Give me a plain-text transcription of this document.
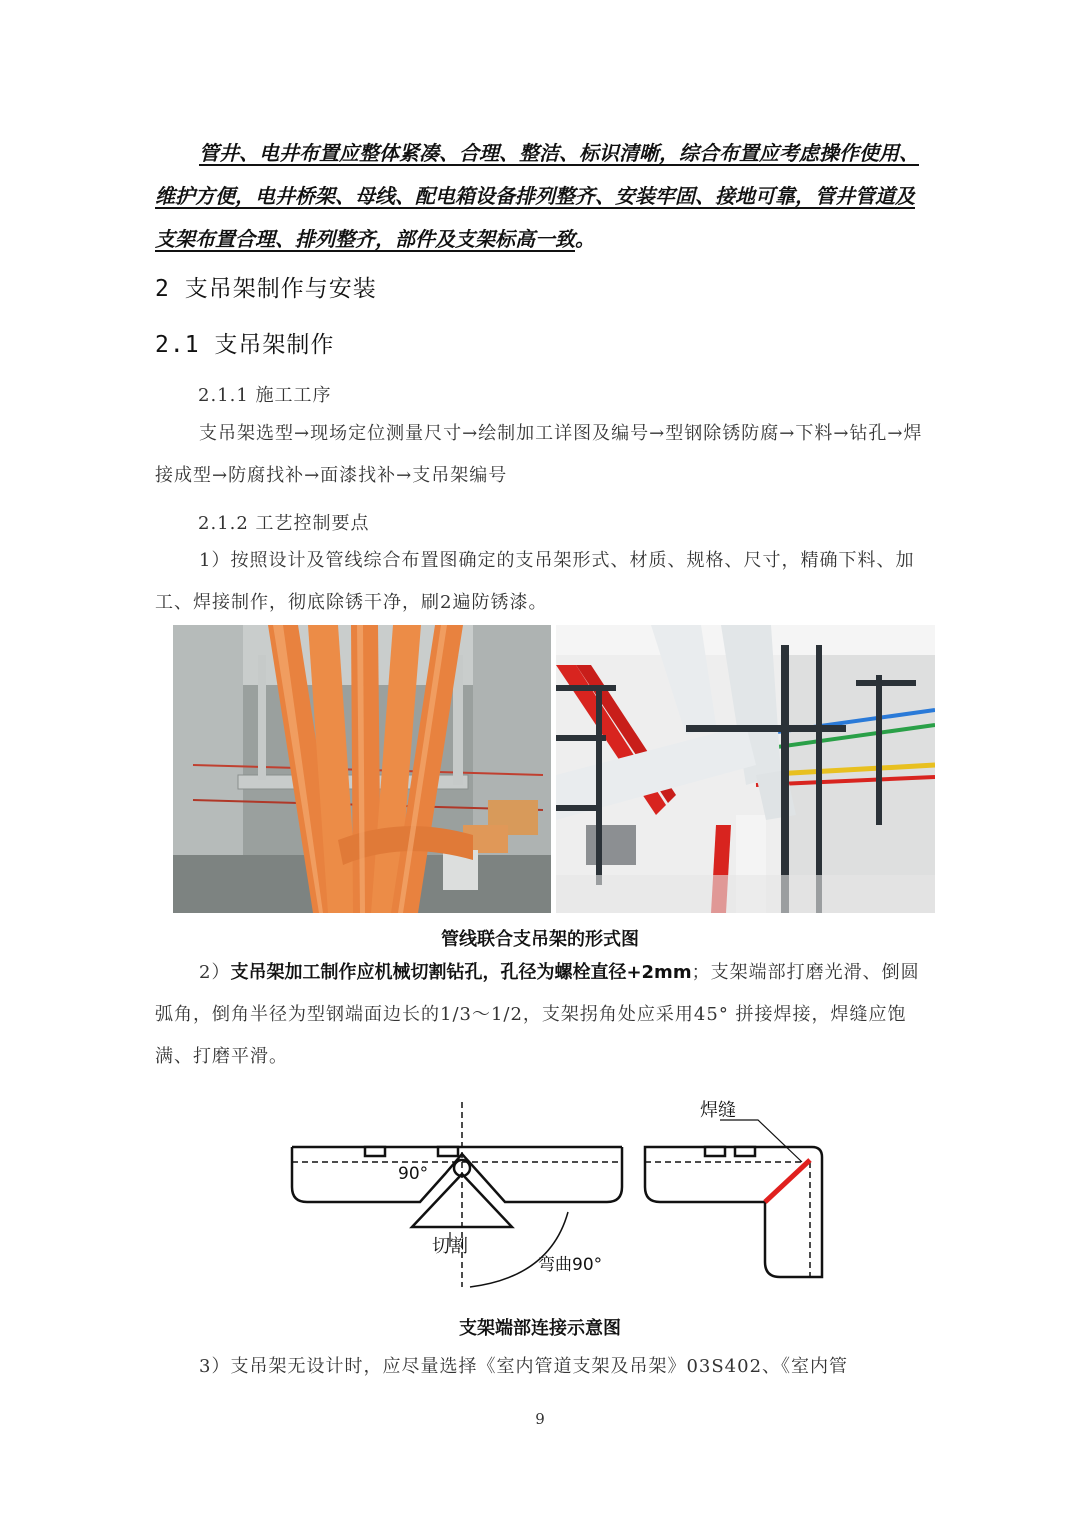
管井、电井布置应整体紧凑、合理、整洁、标识清晰，综合布置应考虑操作使用、维护方便，电井桥架、母线、配电箱设备排列整齐、安装牢固、接地可靠，管井管道及支架布置合理、排列整齐，部件及支架标高一致。

2 支吊架制作与安装
2.1 支吊架制作

2.1.1 施工工序

支吊架选型→现场定位测量尺寸→绘制加工详图及编号→型钢除锈防腐→下料→钻孔→焊接成型→防腐找补→面漆找补→支吊架编号

2.1.2 工艺控制要点

1）按照设计及管线综合布置图确定的支吊架形式、材质、规格、尺寸，精确下料、加工、焊接制作，彻底除锈干净，刷2遍防锈漆。

管线联合支吊架的形式图

2）支吊架加工制作应机械切割钻孔，孔径为螺栓直径+2mm；支架端部打磨光滑、倒圆弧角，倒角半径为型钢端面边长的1/3～1/2，支架拐角处应采用45° 拼接焊接，焊缝应饱满、打磨平滑。

90°
切割
弯曲90°
焊缝

支架端部连接示意图

3）支吊架无设计时，应尽量选择《室内管道支架及吊架》03S402、《室内管

9
